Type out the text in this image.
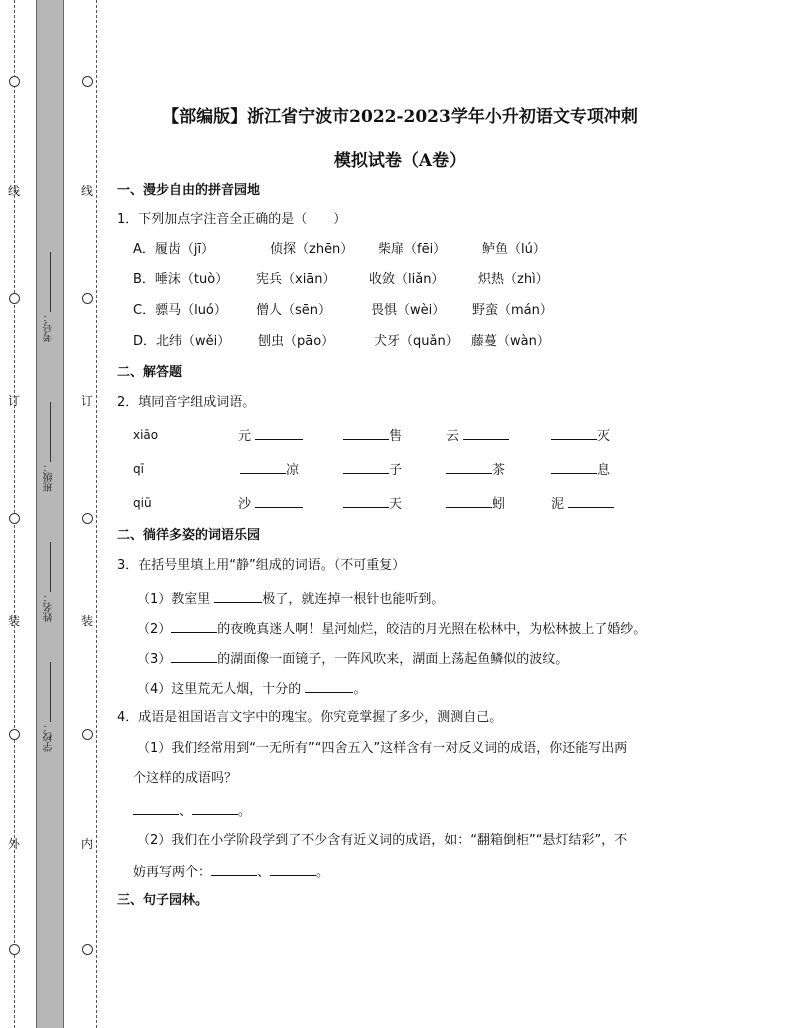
线
订
装
外
线
订
装
内
考号：
班级：
姓名：
学校：
【部编版】浙江省宁波市2022-2023学年小升初语文专项冲刺
模拟试卷（A卷）
一、漫步自由的拼音园地
1．下列加点字注音全正确的是（　　）
A．履齿（jī）	侦探（zhēn） 柴扉（fēi）	鲈鱼（lú）
B．唾沫（tuò） 宪兵（xiān）	收敛（liǎn）	炽热（zhì）
C．骠马（luó） 僧人（sēn）	畏惧（wèi） 野蛮（mán）
D．北纬（wěi） 刨虫（pāo）	犬牙（quǎn） 藤蔓（wàn）
二、解答题
2．填同音字组成词语。
xiāo	元	售	云	灭
qī	凉	子	茶	息
qiū	沙	天	蚓	泥
二、徜徉多姿的词语乐园
3．在括号里填上用“静”组成的词语。（不可重复）
（1）教室里	极了，就连掉一根针也能听到。
（2）	的夜晚真迷人啊！星河灿烂，皎洁的月光照在松林中，为松林披上了婚纱。
（3）	的湖面像一面镜子，一阵风吹来，湖面上荡起鱼鳞似的波纹。
（4）这里荒无人烟，十分的	。
4．成语是祖国语言文字中的瑰宝。你究竟掌握了多少，测测自己。
（1）我们经常用到“一无所有”“四舍五入”这样含有一对反义词的成语，你还能写出两
个这样的成语吗？
、	。
（2）我们在小学阶段学到了不少含有近义词的成语，如：“翻箱倒柜”“悬灯结彩”，不
妨再写两个：	、	。
三、句子园林。
